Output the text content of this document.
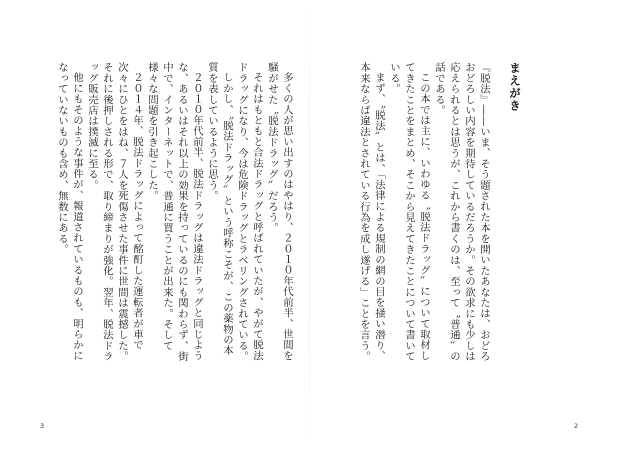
まえがき

『脱法』――いま、そう題された本を開いたあなたは、おどろおどろしい内容を期待しているだろうか。その欲求にも少しは応えられるとは思うが、これから書くのは、至って〝普通〟の話である。

この本では主に、いわゆる〝脱法ドラッグ〟について取材してきたことをまとめ、そこから見えてきたことについて書いている。

まず、〝脱法〟とは、「法律による規制の網の目を掻い潜り、本来ならば違法とされている行為を成し遂げる」ことを言う。

多くの人が思い出すのはやはり、２０１０年代前半、世間を騒がせた〝脱法ドラッグ〟だろう。

それはもともと合法ドラッグと呼ばれていたが、やがて脱法ドラッグになり、今は危険ドラッグとラベリングされている。

しかし、〝脱法ドラッグ〟という呼称こそが、この薬物の本質を表しているように思う。

２０１０年代前半、脱法ドラッグは違法ドラッグと同じような、あるいはそれ以上の効果を持っているのにも関わらず、街中で、インターネットで、普通に買うことが出来た。そして様々な問題を引き起こした。

２０１４年、脱法ドラッグによって酩酊した運転者が車で次々にひとをはね、７人を死傷させた事件に世間は震撼した。それに後押しされる形で、取り締まりが強化。翌年、脱法ドラッグ販売店は撲滅に至る。

他にもそのような事件が、報道されているものも、明らかになっていないものも含め、無数にある。

3	2
